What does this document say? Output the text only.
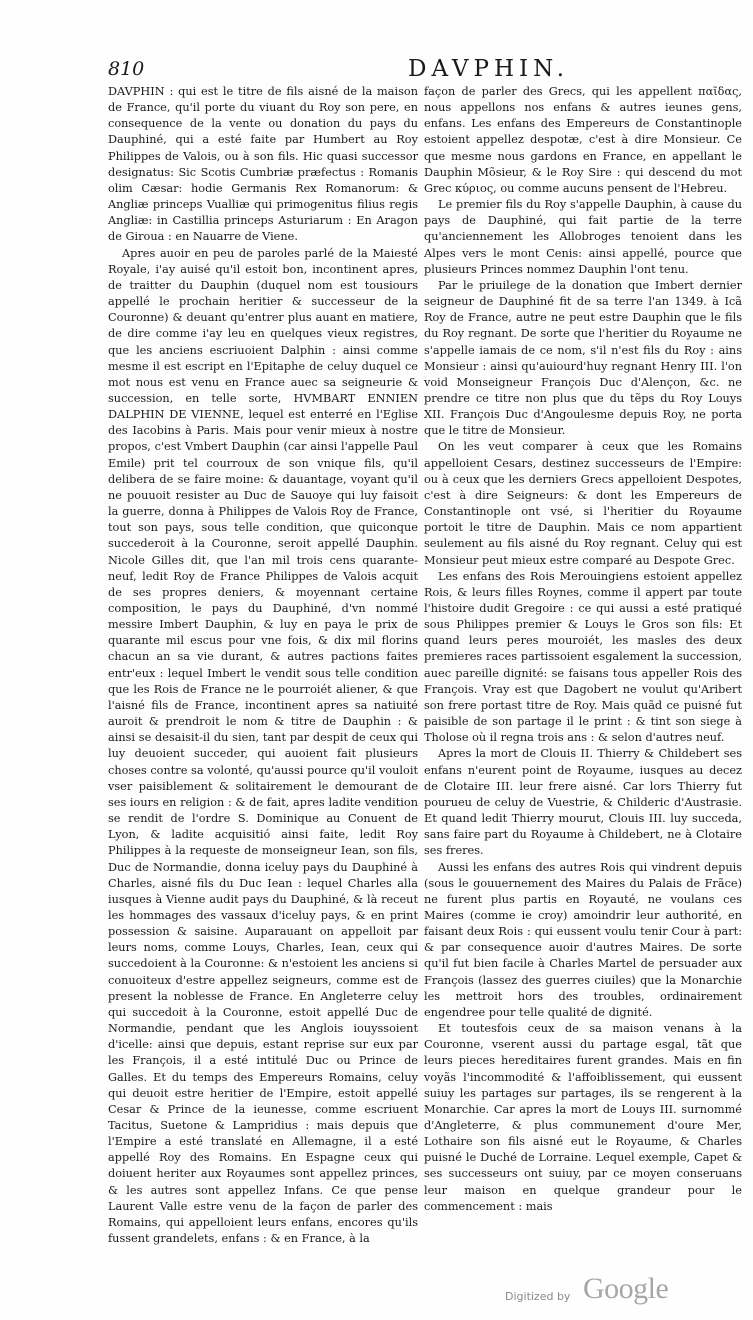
810	DAVPHIN.

DAVPHIN : qui est le titre de fils aisné de la maison de France, qu'il porte du viuant du Roy son pere, en consequence de la vente ou donation du pays du Dauphiné, qui a esté faite par Humbert au Roy Philippes de Valois, ou à son fils. Hic quasi successor designatus: Sic Scotis Cumbriæ præfectus : Romanis olim Cæsar: hodie Germanis Rex Romanorum: & Angliæ princeps Vualliæ qui primogenitus filius regis Angliæ: in Castillia princeps Asturiarum : En Aragon de Giroua : en Nauarre de Viene.

Apres auoir en peu de paroles parlé de la Maiesté Royale, i'ay auisé qu'il estoit bon, incontinent apres, de traitter du Dauphin (duquel nom est tousiours appellé le prochain heritier & successeur de la Couronne) & deuant qu'entrer plus auant en matiere, de dire comme i'ay leu en quelques vieux registres, que les anciens escriuoient Dalphin : ainsi comme mesme il est escript en l'Epitaphe de celuy duquel ce mot nous est venu en France auec sa seigneurie & succession, en telle sorte, HVMBART ENNIEN DALPHIN DE VIENNE, lequel est enterré en l'Eglise des Iacobins à Paris. Mais pour venir mieux à nostre propos, c'est Vmbert Dauphin (car ainsi l'appelle Paul Emile) prit tel courroux de son vnique fils, qu'il delibera de se faire moine: & dauantage, voyant qu'il ne pouuoit resister au Duc de Sauoye qui luy faisoit la guerre, donna à Philippes de Valois Roy de France, tout son pays, sous telle condition, que quiconque succederoit à la Couronne, seroit appellé Dauphin. Nicole Gilles dit, que l'an mil trois cens quarante-neuf, ledit Roy de France Philippes de Valois acquit de ses propres deniers, & moyennant certaine composition, le pays du Dauphiné, d'vn nommé messire Imbert Dauphin, & luy en paya le prix de quarante mil escus pour vne fois, & dix mil florins chacun an sa vie durant, & autres pactions faites entr'eux : lequel Imbert le vendit sous telle condition que les Rois de France ne le pourroiét aliener, & que l'aisné fils de France, incontinent apres sa natiuité auroit & prendroit le nom & titre de Dauphin : & ainsi se desaisit-il du sien, tant par despit de ceux qui luy deuoient succeder, qui auoient fait plusieurs choses contre sa volonté, qu'aussi pource qu'il vouloit vser paisiblement & solitairement le demourant de ses iours en religion : & de fait, apres ladite vendition se rendit de l'ordre S. Dominique au Conuent de Lyon, & ladite acquisitió ainsi faite, ledit Roy Philippes à la requeste de monseigneur Iean, son fils, Duc de Normandie, donna iceluy pays du Dauphiné à Charles, aisné fils du Duc Iean : lequel Charles alla iusques à Vienne audit pays du Dauphiné, & là receut les hommages des vassaux d'iceluy pays, & en print possession & saisine. Auparauant on appelloit par leurs noms, comme Louys, Charles, Iean, ceux qui succedoient à la Couronne: & n'estoient les anciens si conuoiteux d'estre appellez seigneurs, comme est de present la noblesse de France. En Angleterre celuy qui succedoit à la Couronne, estoit appellé Duc de Normandie, pendant que les Anglois iouyssoient d'icelle: ainsi que depuis, estant reprise sur eux par les François, il a esté intitulé Duc ou Prince de Galles. Et du temps des Empereurs Romains, celuy qui deuoit estre heritier de l'Empire, estoit appellé Cesar & Prince de la ieunesse, comme escriuent Tacitus, Suetone & Lampridius : mais depuis que l'Empire a esté translaté en Allemagne, il a esté appellé Roy des Romains. En Espagne ceux qui doiuent heriter aux Royaumes sont appellez princes, & les autres sont appellez Infans. Ce que pense Laurent Valle estre venu de la façon de parler des Romains, qui appelloient leurs enfans, encores qu'ils fussent grandelets, enfans : & en France, à la

façon de parler des Grecs, qui les appellent παῖδας, nous appellons nos enfans & autres ieunes gens, enfans. Les enfans des Empereurs de Constantinople estoient appellez despotæ, c'est à dire Monsieur. Ce que mesme nous gardons en France, en appellant le Dauphin Mõsieur, & le Roy Sire : qui descend du mot Grec κύριος, ou comme aucuns pensent de l'Hebreu.

Le premier fils du Roy s'appelle Dauphin, à cause du pays de Dauphiné, qui fait partie de la terre qu'anciennement les Allobroges tenoient dans les Alpes vers le mont Cenis: ainsi appellé, pource que plusieurs Princes nommez Dauphin l'ont tenu.

Par le priuilege de la donation que Imbert dernier seigneur de Dauphiné fit de sa terre l'an 1349. à Icã Roy de France, autre ne peut estre Dauphin que le fils du Roy regnant. De sorte que l'heritier du Royaume ne s'appelle iamais de ce nom, s'il n'est fils du Roy : ains Monsieur : ainsi qu'auiourd'huy regnant Henry III. l'on void Monseigneur François Duc d'Alençon, &c. ne prendre ce titre non plus que du tẽps du Roy Louys XII. François Duc d'Angoulesme depuis Roy, ne porta que le titre de Monsieur.

On les veut comparer à ceux que les Romains appelloient Cesars, destinez successeurs de l'Empire: ou à ceux que les derniers Grecs appelloient Despotes, c'est à dire Seigneurs: & dont les Empereurs de Constantinople ont vsé, si l'heritier du Royaume portoit le titre de Dauphin. Mais ce nom appartient seulement au fils aisné du Roy regnant. Celuy qui est Monsieur peut mieux estre comparé au Despote Grec.

Les enfans des Rois Merouingiens estoient appellez Rois, & leurs filles Roynes, comme il appert par toute l'histoire dudit Gregoire : ce qui aussi a esté pratiqué sous Philippes premier & Louys le Gros son fils: Et quand leurs peres mouroiét, les masles des deux premieres races partissoient esgalement la succession, auec pareille dignité: se faisans tous appeller Rois des François. Vray est que Dagobert ne voulut qu'Aribert son frere portast titre de Roy. Mais quãd ce puisné fut paisible de son partage il le print : & tint son siege à Tholose où il regna trois ans : & selon d'autres neuf.

Apres la mort de Clouis II. Thierry & Childebert ses enfans n'eurent point de Royaume, iusques au decez de Clotaire III. leur frere aisné. Car lors Thierry fut pourueu de celuy de Vuestrie, & Childeric d'Austrasie. Et quand ledit Thierry mourut, Clouis III. luy succeda, sans faire part du Royaume à Childebert, ne à Clotaire ses freres.

Aussi les enfans des autres Rois qui vindrent depuis (sous le gouuernement des Maires du Palais de Frãce) ne furent plus partis en Royauté, ne voulans ces Maires (comme ie croy) amoindrir leur authorité, en faisant deux Rois : qui eussent voulu tenir Cour à part: & par consequence auoir d'autres Maires. De sorte qu'il fut bien facile à Charles Martel de persuader aux François (lassez des guerres ciuiles) que la Monarchie les mettroit hors des troubles, ordinairement engendree pour telle qualité de dignité.

Et toutesfois ceux de sa maison venans à la Couronne, vserent aussi du partage esgal, tãt que leurs pieces hereditaires furent grandes. Mais en fin voyãs l'incommodité & l'affoiblissement, qui eussent suiuy les partages sur partages, ils se rengerent à la Monarchie. Car apres la mort de Louys III. surnommé d'Angleterre, & plus communement d'oure Mer, Lothaire son fils aisné eut le Royaume, & Charles puisné le Duché de Lorraine. Lequel exemple, Capet & ses successeurs ont suiuy, par ce moyen conseruans leur maison en quelque grandeur pour le commencement : mais

Digitized by Google
